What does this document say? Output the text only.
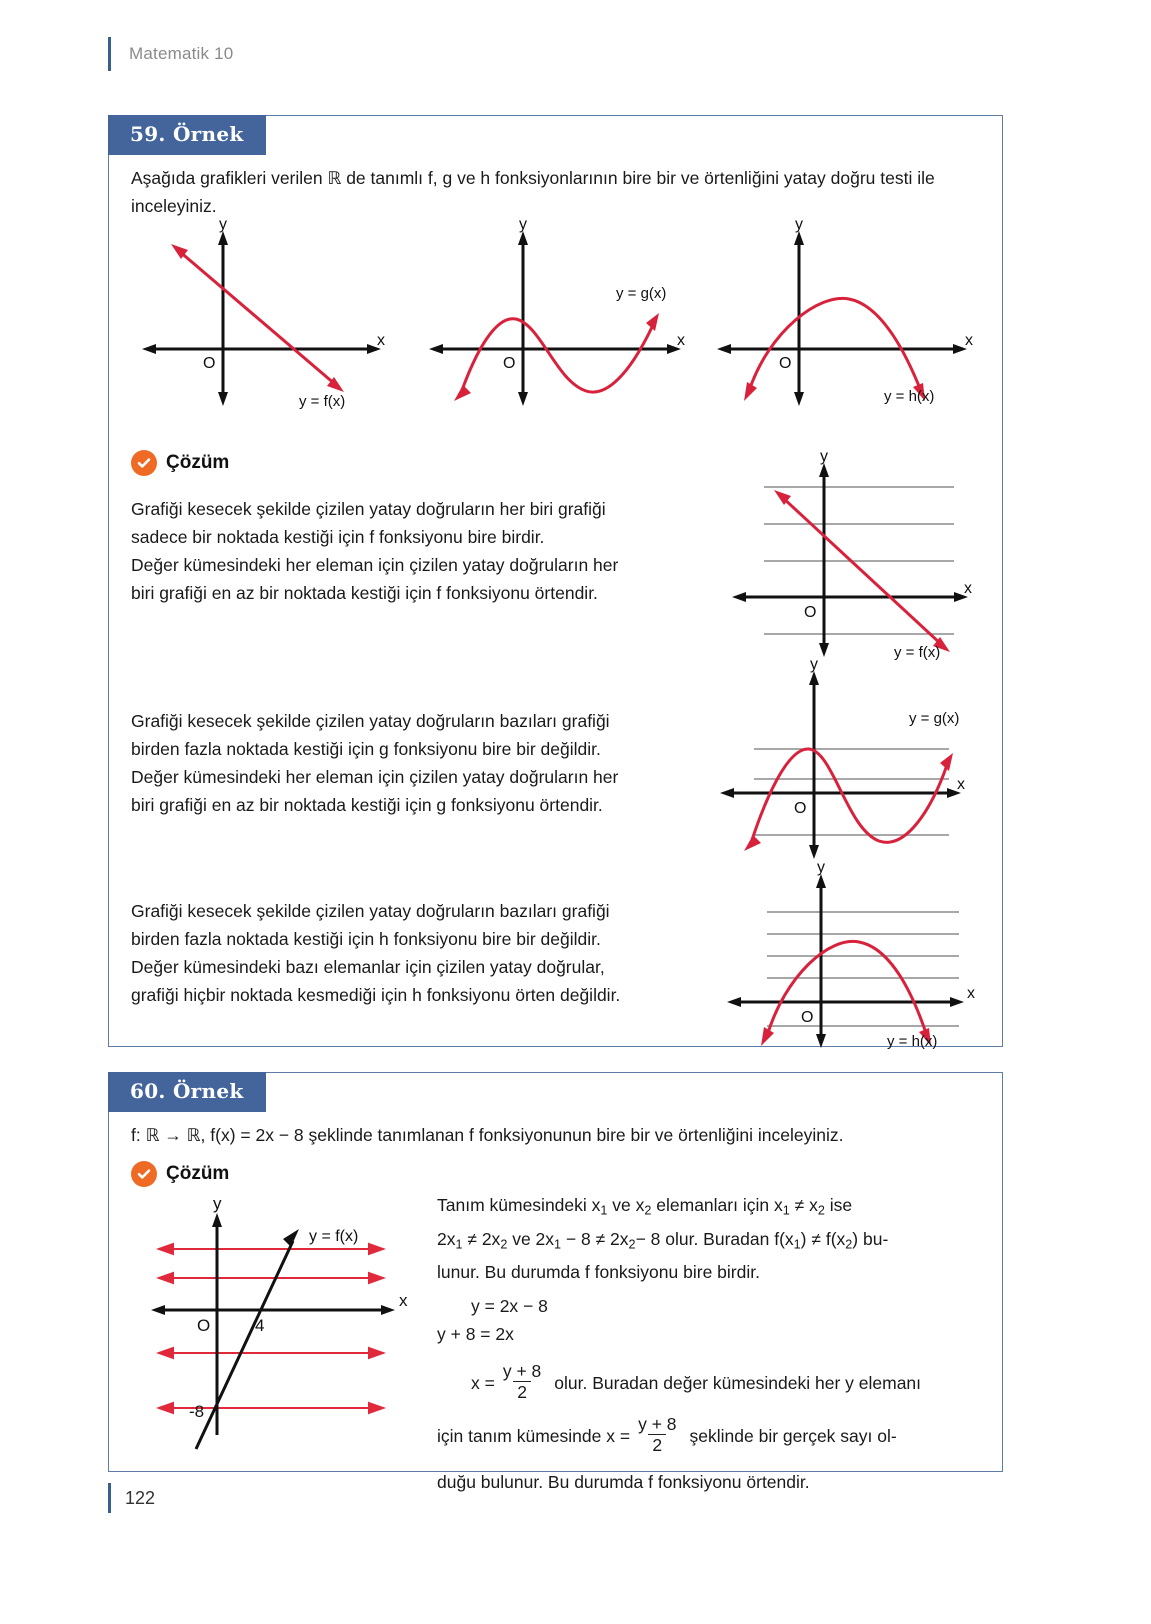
Matematik 10
59. Örnek
Aşağıda grafikleri verilen ℝ de tanımlı f, g ve h fonksiyonlarının bire bir ve örtenliğini yatay doğru testi ile inceleyiniz.
y
x
O
y = f(x)
y
x
O
y = g(x)
y
x
O
y = h(x)
Çözüm
Grafiği kesecek şekilde çizilen yatay doğruların her biri grafiği
sadece bir noktada kestiği için f fonksiyonu bire birdir.
Değer kümesindeki her eleman için çizilen yatay doğruların her
biri grafiği en az bir noktada kestiği için f fonksiyonu örtendir.
y
x
O
y = f(x)
Grafiği kesecek şekilde çizilen yatay doğruların bazıları grafiği
birden fazla noktada kestiği için g fonksiyonu bire bir değildir.
Değer kümesindeki her eleman için çizilen yatay doğruların her
biri grafiği en az bir noktada kestiği için g fonksiyonu örtendir.
y
x
O
y = g(x)
Grafiği kesecek şekilde çizilen yatay doğruların bazıları grafiği
birden fazla noktada kestiği için h fonksiyonu bire bir değildir.
Değer kümesindeki bazı elemanlar için çizilen yatay doğrular,
grafiği hiçbir noktada kesmediği için h fonksiyonu örten değildir.
y
x
O
y = h(x)
60. Örnek
f: ℝ → ℝ, f(x) = 2x − 8 şeklinde tanımlanan f fonksiyonunun bire bir ve örtenliğini inceleyiniz.
Çözüm
y
x
O	4
-8
y = f(x)
Tanım kümesindeki $x_1$ ve $x_2$ elemanları için $x_1 \ne x_2$ ise
$2x_1 \ne 2x_2$ ve $2x_1 - 8 \ne 2x_2- 8$ olur. Buradan $f(x_1) \ne f(x_2)$ bu-
lunur. Bu durumda f fonksiyonu bire birdir.
y = 2x − 8
y + 8 = 2x
$x = \frac{y + 8}{2}$ olur. Buradan değer kümesindeki her y elemanı
için tanım kümesinde $x = \frac{y + 8}{2}$ şeklinde bir gerçek sayı ol-
duğu bulunur. Bu durumda f fonksiyonu örtendir.
122
